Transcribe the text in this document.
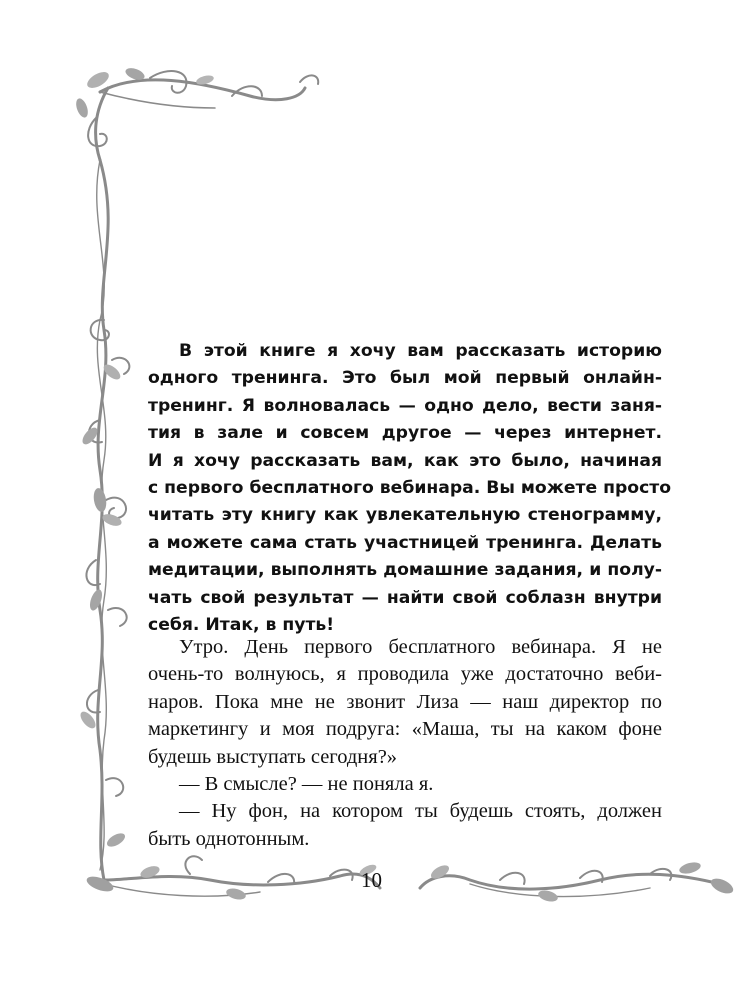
В этой книге я хочу вам рассказать историю
одного тренинга. Это был мой первый онлайн-
тренинг. Я волновалась — одно дело, вести заня-
тия в зале и совсем другое — через интернет.
И я хочу рассказать вам, как это было, начиная
с первого бесплатного вебинара. Вы можете просто
читать эту книгу как увлекательную стенограмму,
а можете сама стать участницей тренинга. Делать
медитации, выполнять домашние задания, и полу-
чать свой результат — найти свой соблазн внутри
себя. Итак, в путь!
Утро. День первого бесплатного вебинара. Я не
очень-то волнуюсь, я проводила уже достаточно веби-
наров. Пока мне не звонит Лиза — наш директор по
маркетингу и моя подруга: «Маша, ты на каком фоне
будешь выступать сегодня?»
— В смысле? — не поняла я.
— Ну фон, на котором ты будешь стоять, должен
быть однотонным.
10
